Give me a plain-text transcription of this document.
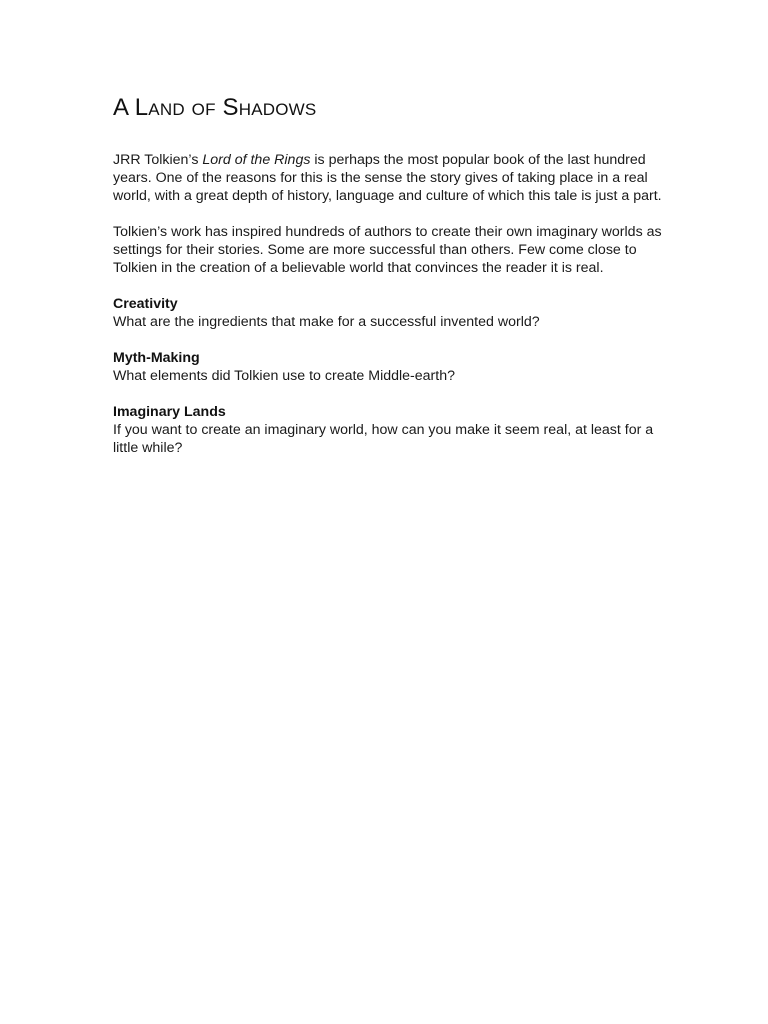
A Land of Shadows

JRR Tolkien’s Lord of the Rings is perhaps the most popular book of the last hundred years. One of the reasons for this is the sense the story gives of taking place in a real world, with a great depth of history, language and culture of which this tale is just a part.

Tolkien’s work has inspired hundreds of authors to create their own imaginary worlds as settings for their stories. Some are more successful than others. Few come close to Tolkien in the creation of a believable world that convinces the reader it is real.

Creativity

What are the ingredients that make for a successful invented world?

Myth-Making

What elements did Tolkien use to create Middle-earth?

Imaginary Lands

If you want to create an imaginary world, how can you make it seem real, at least for a little while?
